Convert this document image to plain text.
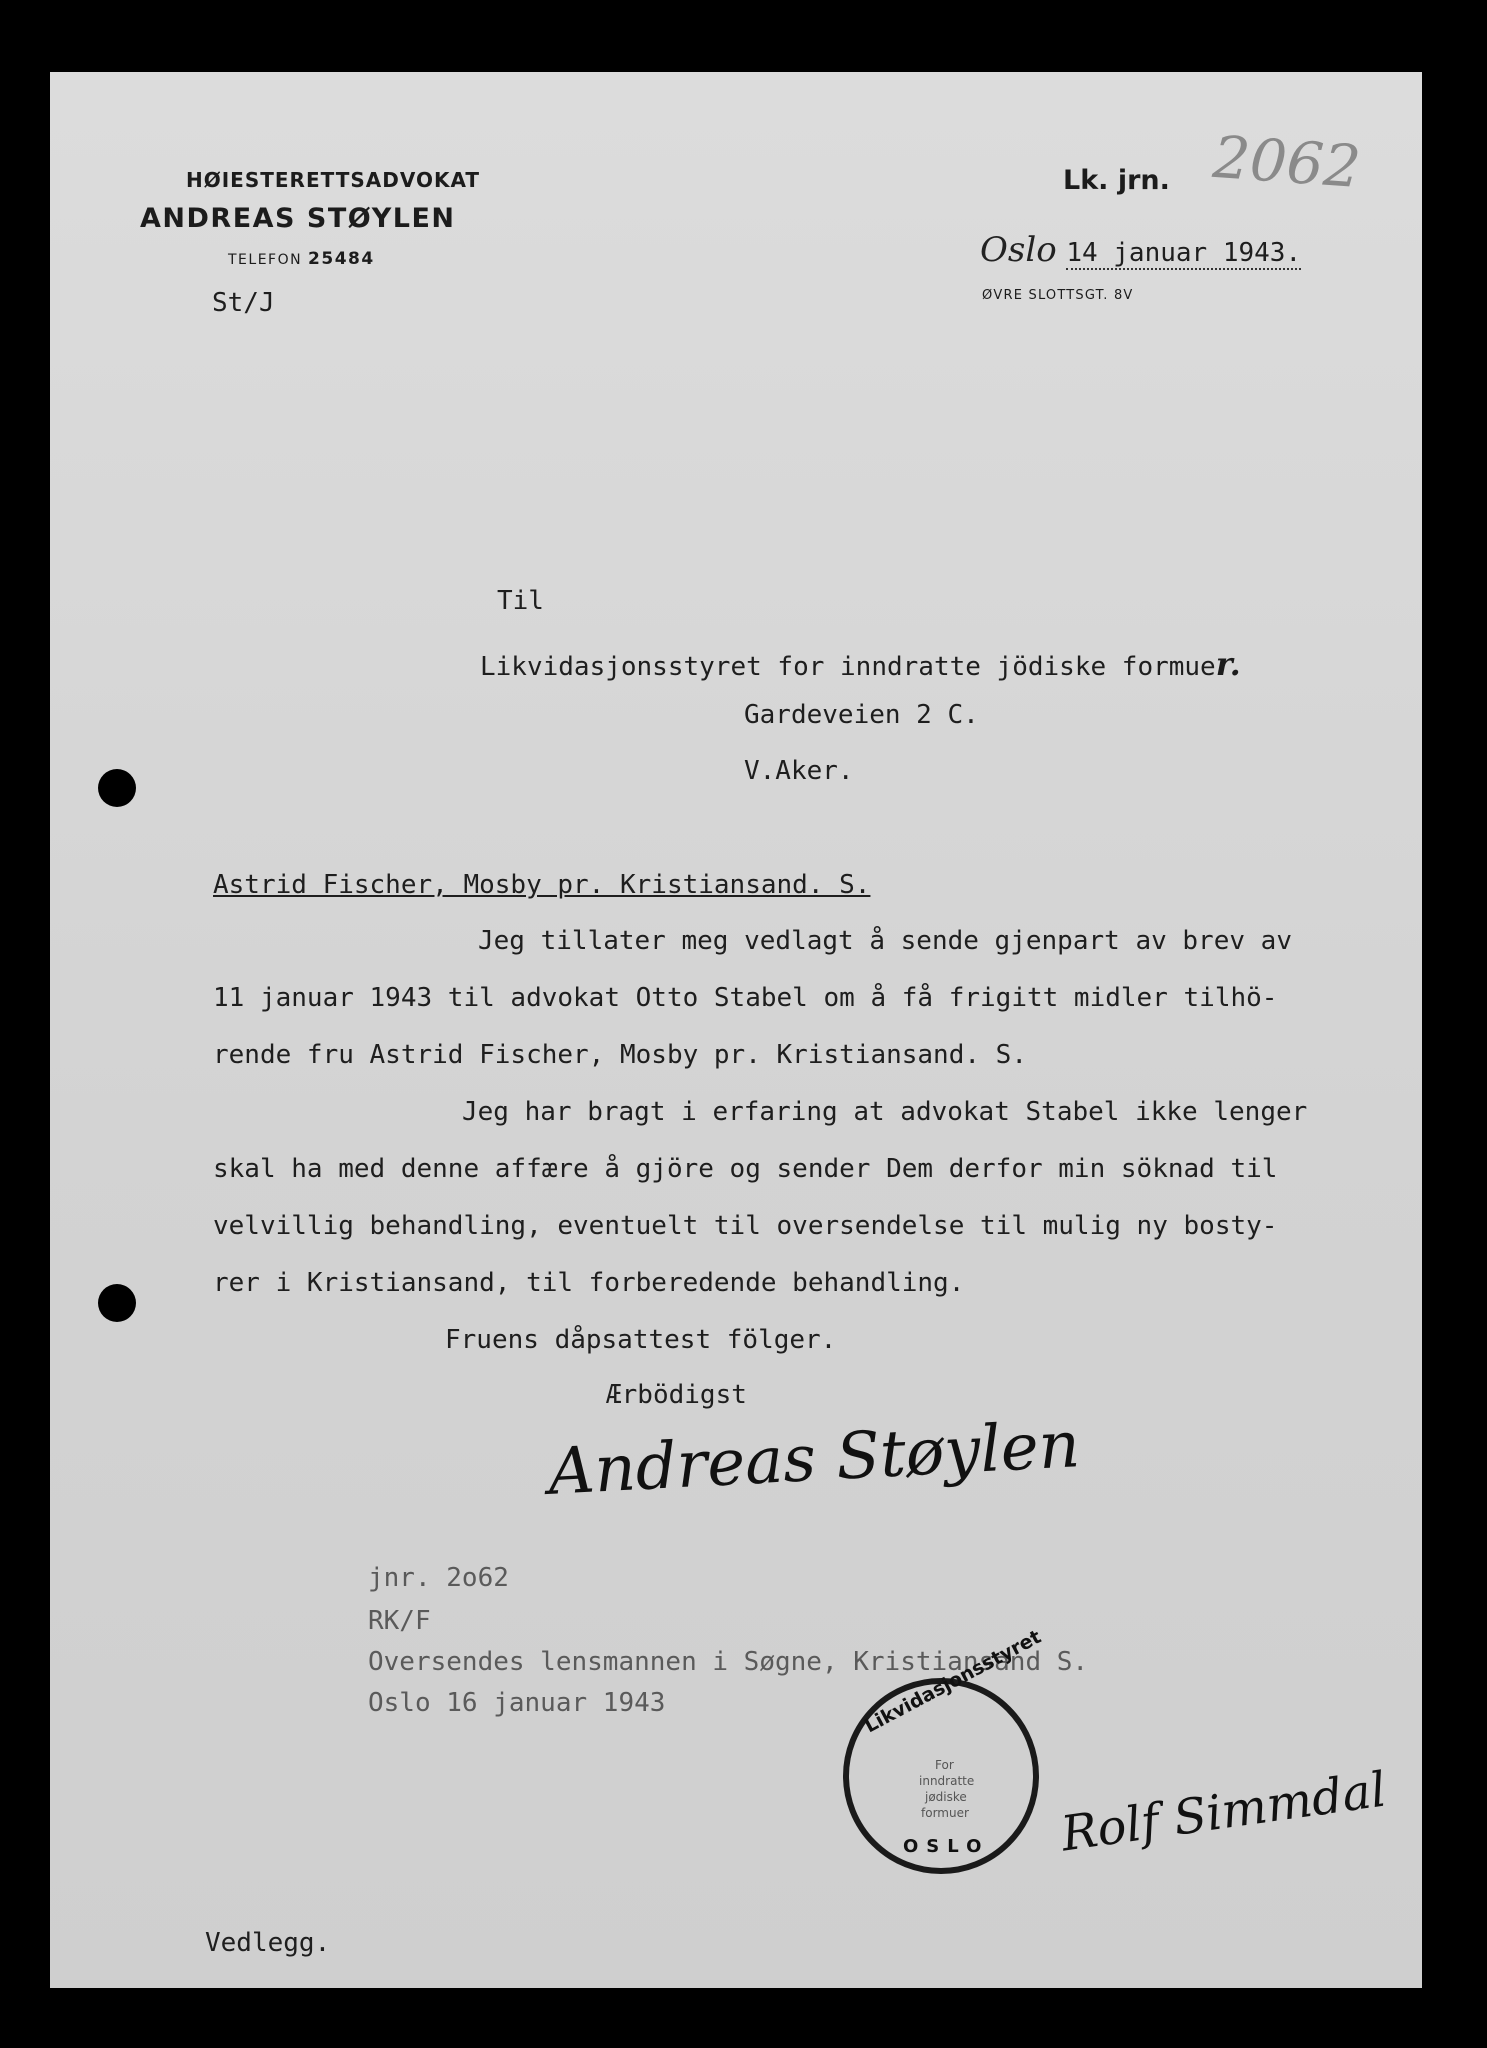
HØIESTERETTSADVOKAT
ANDREAS STØYLEN
TELEFON 25484
St/J
Lk. jrn. 2062
Oslo 14 januar 1943.
ØVRE SLOTTSGT. 8V
Til
Likvidasjonsstyret for inndratte jödiske formuer.
Gardeveien 2 C.
V.Aker.
Astrid Fischer, Mosby pr. Kristiansand. S.
Jeg tillater meg vedlagt å sende gjenpart av brev av
11 januar 1943 til advokat Otto Stabel om å få frigitt midler tilhö-
rende fru Astrid Fischer, Mosby pr. Kristiansand. S.
Jeg har bragt i erfaring at advokat Stabel ikke lenger
skal ha med denne affære å gjöre og sender Dem derfor min söknad til
velvillig behandling, eventuelt til oversendelse til mulig ny bosty-
rer i Kristiansand, til forberedende behandling.
Fruens dåpsattest fölger.
Ærbödigst
Andreas Støylen
jnr. 2o62
RK/F
Oversendes lensmannen i Søgne, Kristiansand S.
Oslo 16 januar 1943	Likvidasjonsstyret
For
inndratte
jødiske
formuer
OSLO Rolf Simmdal
Vedlegg.
